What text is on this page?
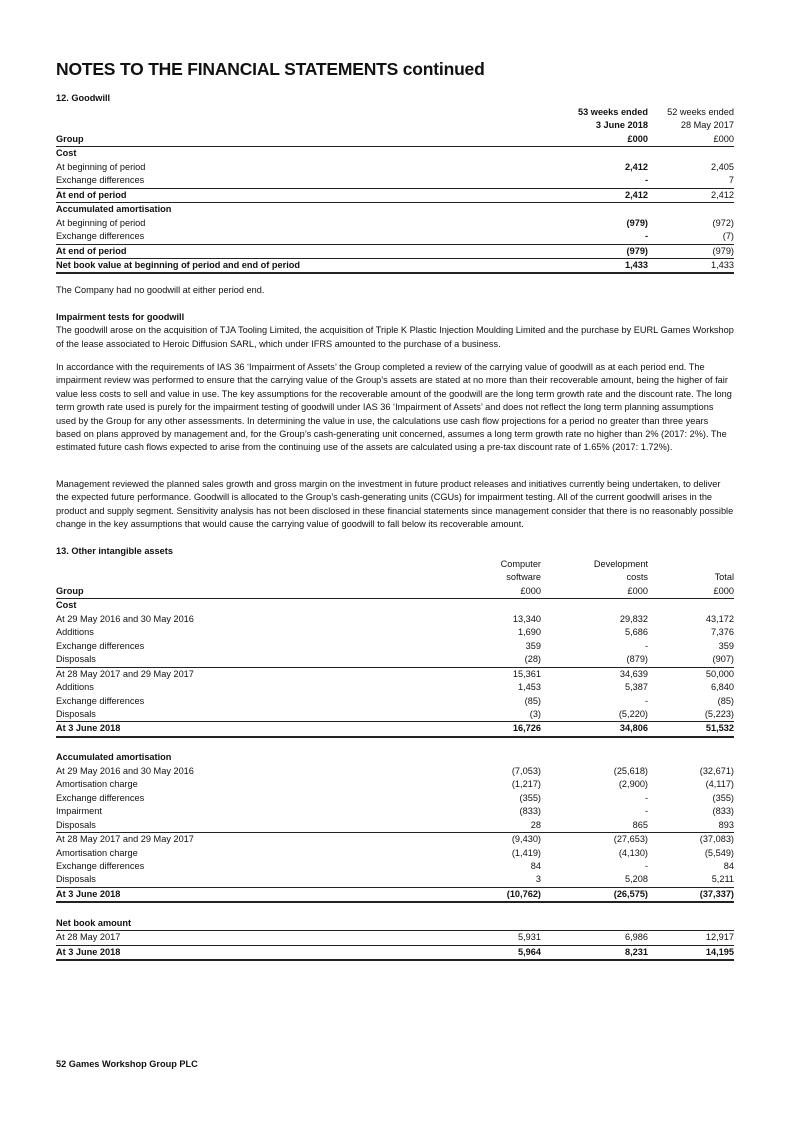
NOTES TO THE FINANCIAL STATEMENTS continued
12. Goodwill
	53 weeks ended	52 weeks ended
	3 June 2018	28 May 2017
Group	£000	£000
Cost		
At beginning of period	2,412	2,405
Exchange differences	-	7
At end of period	2,412	2,412
Accumulated amortisation		
At beginning of period	(979)	(972)
Exchange differences	-	(7)
At end of period	(979)	(979)
Net book value at beginning of period and end of period	1,433	1,433
The Company had no goodwill at either period end.

Impairment tests for goodwill

The goodwill arose on the acquisition of TJA Tooling Limited, the acquisition of Triple K Plastic Injection Moulding Limited and the purchase by EURL Games Workshop of the lease associated to Heroic Diffusion SARL, which under IFRS amounted to the purchase of a business.

In accordance with the requirements of IAS 36 ‘Impairment of Assets’ the Group completed a review of the carrying value of goodwill as at each period end. The impairment review was performed to ensure that the carrying value of the Group’s assets are stated at no more than their recoverable amount, being the higher of fair value less costs to sell and value in use. The key assumptions for the recoverable amount of the goodwill are the long term growth rate and the discount rate. The long term growth rate used is purely for the impairment testing of goodwill under IAS 36 ‘Impairment of Assets’ and does not reflect the long term planning assumptions used by the Group for any other assessments. In determining the value in use, the calculations use cash flow projections for a period no greater than three years based on plans approved by management and, for the Group’s cash-generating unit concerned, assumes a long term growth rate no higher than 2% (2017: 2%). The estimated future cash flows expected to arise from the continuing use of the assets are calculated using a pre-tax discount rate of 1.65% (2017: 1.72%).
Management reviewed the planned sales growth and gross margin on the investment in future product releases and initiatives currently being undertaken, to deliver the expected future performance. Goodwill is allocated to the Group’s cash-generating units (CGUs) for impairment testing. All of the current goodwill arises in the product and supply segment. Sensitivity analysis has not been disclosed in these financial statements since management consider that there is no reasonably possible change in the key assumptions that would cause the carrying value of goodwill to fall below its recoverable amount.
13. Other intangible assets
	Computer	Development	
	software	costs	Total
Group	£000	£000	£000
Cost			
At 29 May 2016 and 30 May 2016	13,340	29,832	43,172
Additions	1,690	5,686	7,376
Exchange differences	359	-	359
Disposals	(28)	(879)	(907)
At 28 May 2017 and 29 May 2017	15,361	34,639	50,000
Additions	1,453	5,387	6,840
Exchange differences	(85)	-	(85)
Disposals	(3)	(5,220)	(5,223)
At 3 June 2018	16,726	34,806	51,532

Accumulated amortisation			
At 29 May 2016 and 30 May 2016	(7,053)	(25,618)	(32,671)
Amortisation charge	(1,217)	(2,900)	(4,117)
Exchange differences	(355)	-	(355)
Impairment	(833)	-	(833)
Disposals	28	865	893
At 28 May 2017 and 29 May 2017	(9,430)	(27,653)	(37,083)
Amortisation charge	(1,419)	(4,130)	(5,549)
Exchange differences	84	-	84
Disposals	3	5,208	5,211
At 3 June 2018	(10,762)	(26,575)	(37,337)

Net book amount			
At 28 May 2017	5,931	6,986	12,917
At 3 June 2018	5,964	8,231	14,195
52 Games Workshop Group PLC
